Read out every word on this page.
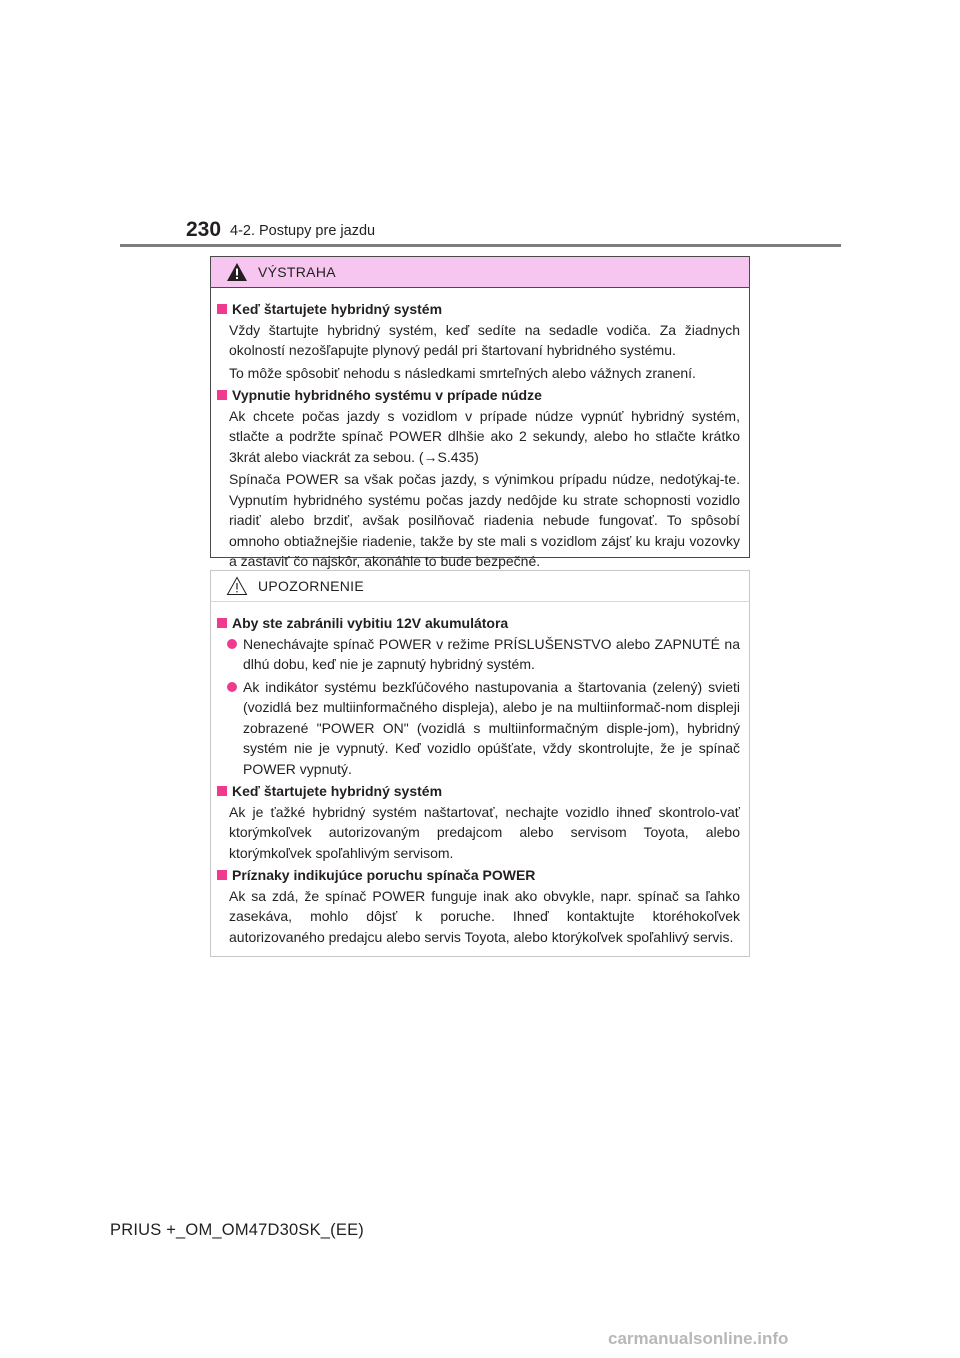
230 4-2. Postupy pre jazdu
VÝSTRAHA
Keď štartujete hybridný systém
Vždy štartujte hybridný systém, keď sedíte na sedadle vodiča. Za žiadnych okolností nezošľapujte plynový pedál pri štartovaní hybridného systému.
To môže spôsobiť nehodu s následkami smrteľných alebo vážnych zranení.
Vypnutie hybridného systému v prípade núdze
Ak chcete počas jazdy s vozidlom v prípade núdze vypnúť hybridný systém, stlačte a podržte spínač POWER dlhšie ako 2 sekundy, alebo ho stlačte krátko 3krát alebo viackrát za sebou. (→S.435)
Spínača POWER sa však počas jazdy, s výnimkou prípadu núdze, nedotýkaj-te. Vypnutím hybridného systému počas jazdy nedôjde ku strate schopnosti vozidlo riadiť alebo brzdiť, avšak posilňovač riadenia nebude fungovať. To spôsobí omnoho obtiažnejšie riadenie, takže by ste mali s vozidlom zájsť ku kraju vozovky a zastaviť čo najskôr, akonáhle to bude bezpečné.
UPOZORNENIE
Aby ste zabránili vybitiu 12V akumulátora
Nenechávajte spínač POWER v režime PRÍSLUŠENSTVO alebo ZAPNUTÉ na dlhú dobu, keď nie je zapnutý hybridný systém.
Ak indikátor systému bezkľúčového nastupovania a štartovania (zelený) svieti (vozidlá bez multiinformačného displeja), alebo je na multiinformač-nom displeji zobrazené "POWER ON" (vozidlá s multiinformačným disple-jom), hybridný systém nie je vypnutý. Keď vozidlo opúšťate, vždy skontrolujte, že je spínač POWER vypnutý.
Keď štartujete hybridný systém
Ak je ťažké hybridný systém naštartovať, nechajte vozidlo ihneď skontrolo-vať ktorýmkoľvek autorizovaným predajcom alebo servisom Toyota, alebo ktorýmkoľvek spoľahlivým servisom.
Príznaky indikujúce poruchu spínača POWER
Ak sa zdá, že spínač POWER funguje inak ako obvykle, napr. spínač sa ľahko zasekáva, mohlo dôjsť k poruche. Ihneď kontaktujte ktoréhokoľvek autorizovaného predajcu alebo servis Toyota, alebo ktorýkoľvek spoľahlivý servis.
PRIUS +_OM_OM47D30SK_(EE)
carmanualsonline.info
